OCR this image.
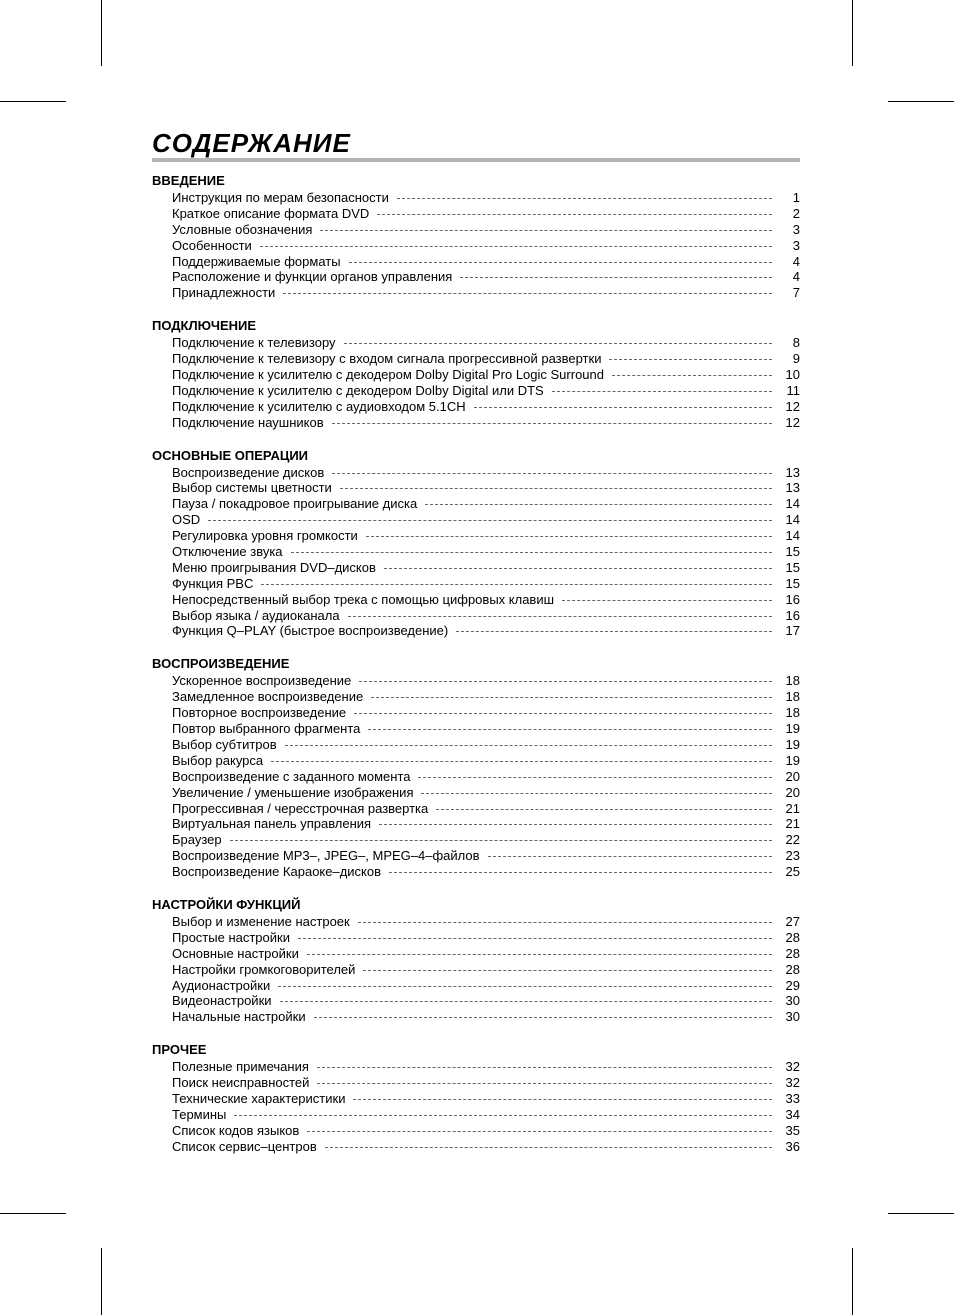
СОДЕРЖАНИЕ
ВВЕДЕНИЕ
Инструкция по мерам безопасности	1
Краткое описание формата DVD	2
Условные обозначения	3
Особенности	3
Поддерживаемые форматы	4
Расположение и функции органов управления	4
Принадлежности	7
ПОДКЛЮЧЕНИЕ
Подключение к телевизору	8
Подключение к телевизору с входом сигнала прогрессивной развертки	9
Подключение к усилителю с декодером Dolby Digital Pro Logic Surround	10
Подключение к усилителю с декодером Dolby Digital или DTS	11
Подключение к усилителю с аудиовходом 5.1CH	12
Подключение наушников	12
ОСНОВНЫЕ ОПЕРАЦИИ
Воспроизведение дисков	13
Выбор системы цветности	13
Пауза / покадровое проигрывание диска	14
OSD	14
Регулировка уровня громкости	14
Отключение звука	15
Меню проигрывания DVD–дисков	15
Функция PBC	15
Непосредственный выбор трека с помощью цифровых клавиш	16
Выбор языка / аудиоканала	16
Функция Q–PLAY (быстрое воспроизведение)	17
ВОСПРОИЗВЕДЕНИЕ
Ускоренное воспроизведение	18
Замедленное воспроизведение	18
Повторное воспроизведение	18
Повтор выбранного фрагмента	19
Выбор субтитров	19
Выбор ракурса	19
Воспроизведение с заданного момента	20
Увеличение / уменьшение изображения	20
Прогрессивная / чересстрочная развертка	21
Виртуальная панель управления	21
Браузер	22
Воспроизведение MP3–, JPEG–, MPEG–4–файлов	23
Воспроизведение Караоке–дисков	25
НАСТРОЙКИ ФУНКЦИЙ
Выбор и изменение настроек	27
Простые настройки	28
Основные настройки	28
Настройки громкоговорителей	28
Аудионастройки	29
Видеонастройки	30
Начальные настройки	30
ПРОЧЕЕ
Полезные примечания	32
Поиск неисправностей	32
Технические характеристики	33
Термины	34
Список кодов языков	35
Список сервис–центров	36
